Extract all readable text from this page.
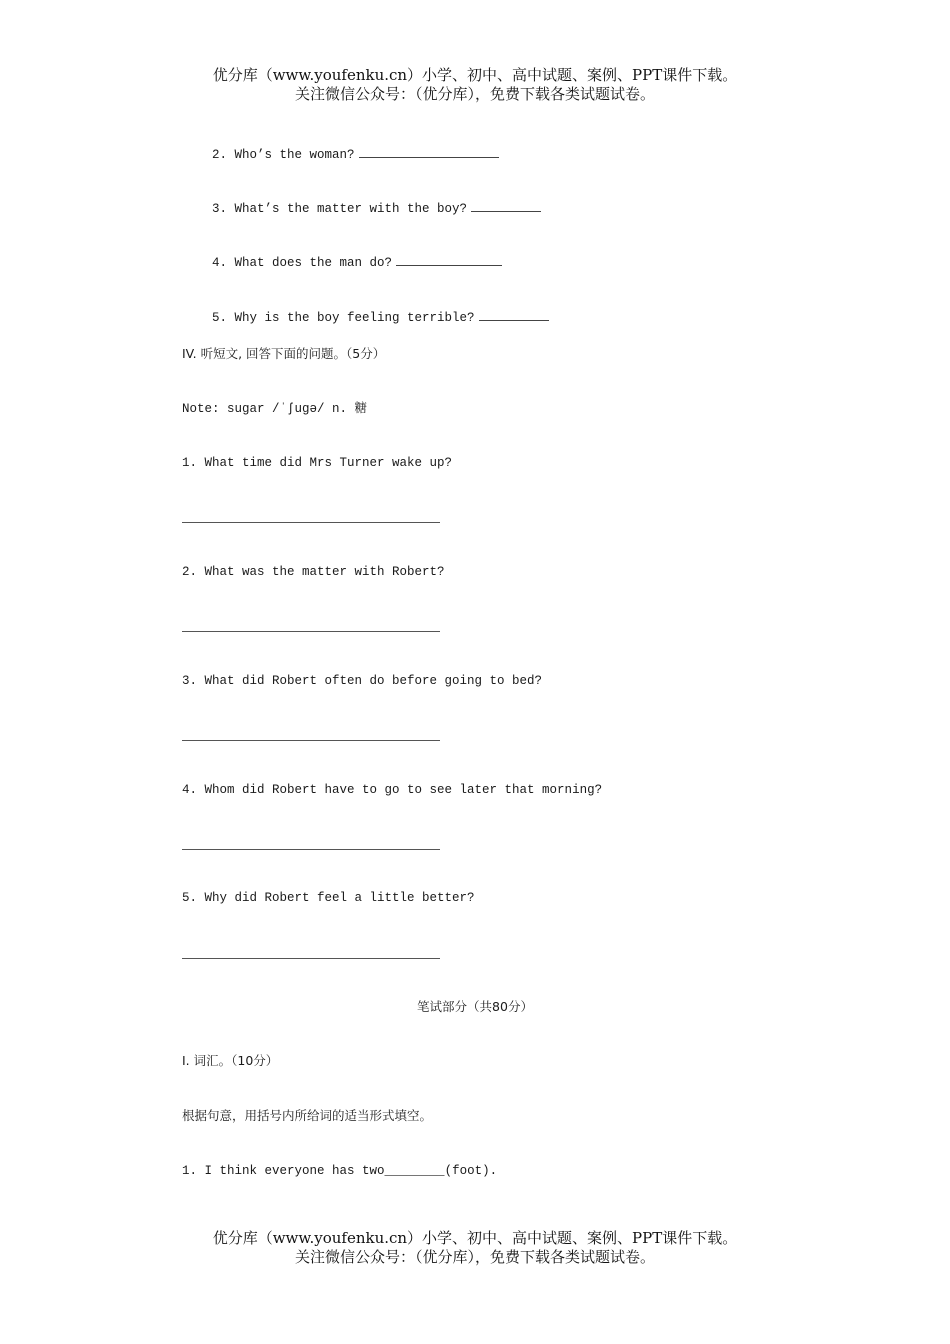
优分库（www.youfenku.cn）小学、初中、高中试题、案例、PPT课件下载。
关注微信公众号：（优分库），免费下载各类试题试卷。

2. Who’s the woman?

3. What’s the matter with the boy?

4. What does the man do?

5. Why is the boy feeling terrible?

IV. 听短文, 回答下面的问题。（5分）
Note: sugar /ˈʃugə/ n. 糖
1. What time did Mrs Turner wake up?
2. What was the matter with Robert?
3. What did Robert often do before going to bed?
4. Whom did Robert have to go to see later that morning?
5. Why did Robert feel a little better?
笔试部分（共80分）
I. 词汇。（10分）
根据句意，用括号内所给词的适当形式填空。
1. I think everyone has two________(foot).
优分库（www.youfenku.cn）小学、初中、高中试题、案例、PPT课件下载。
关注微信公众号：（优分库），免费下载各类试题试卷。
